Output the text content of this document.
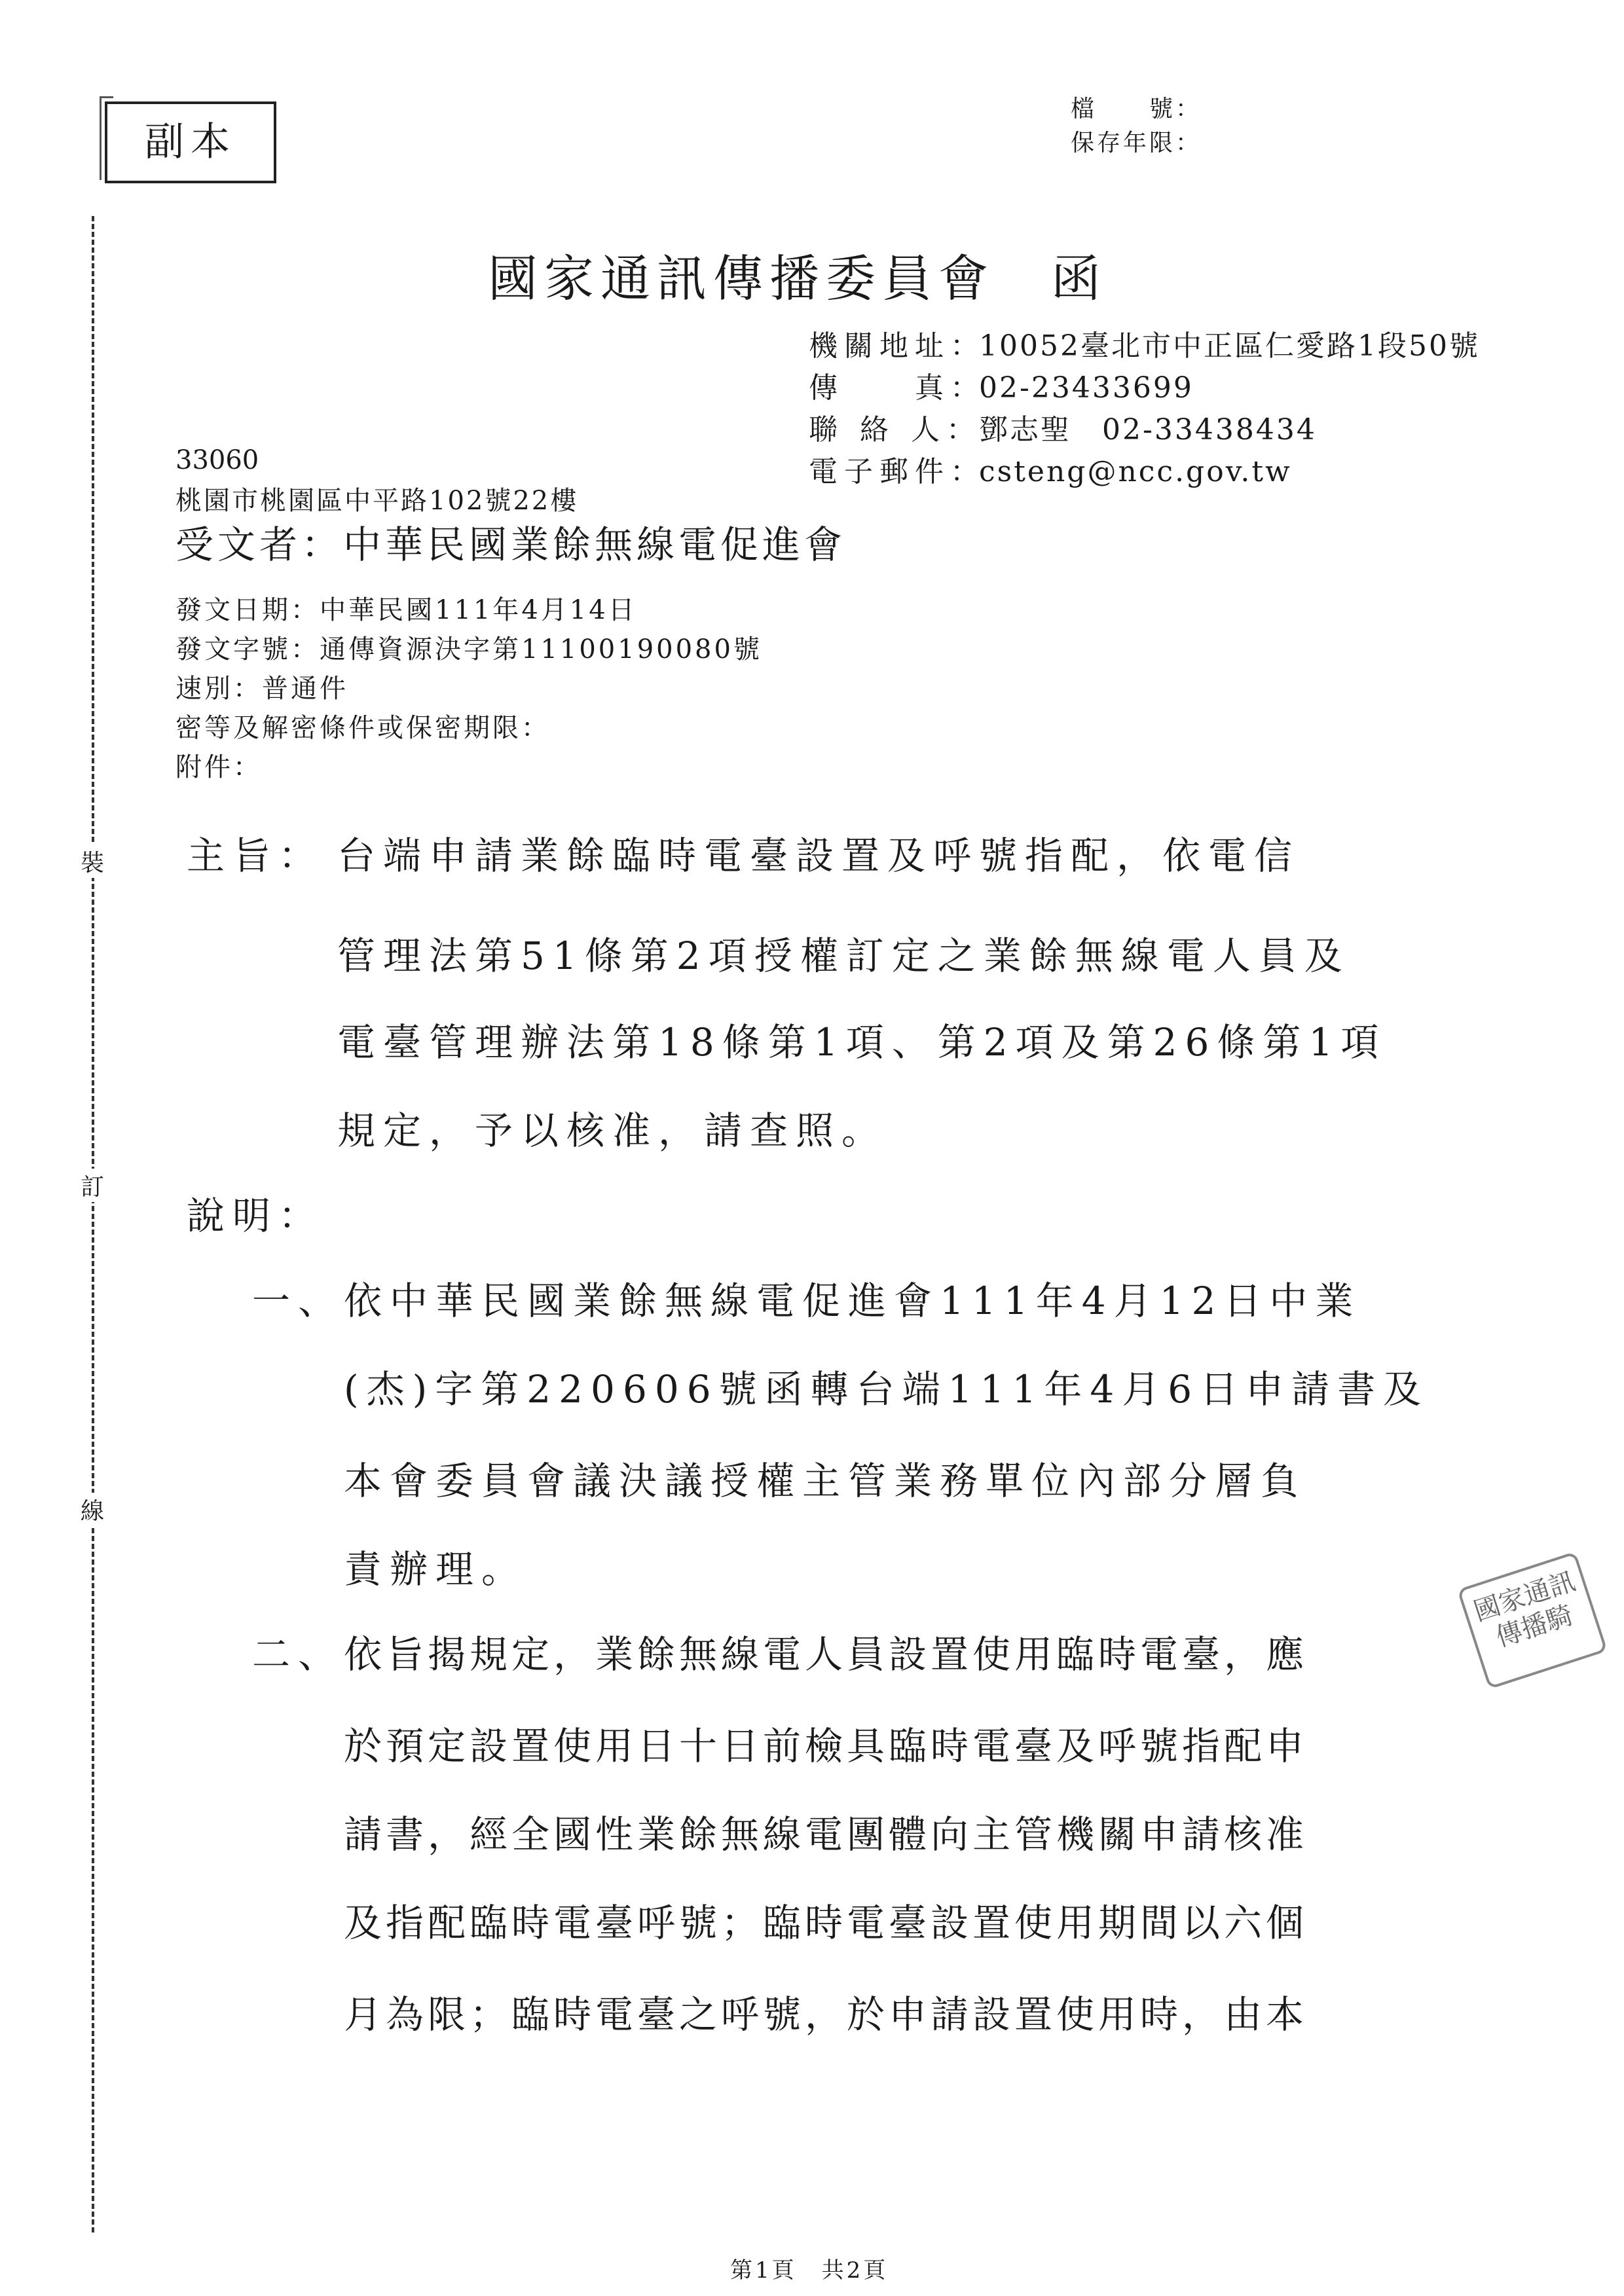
副本
檔　　號：
保存年限：
國家通訊傳播委員會　函
機關地址：10052臺北市中正區仁愛路1段50號
傳　　真：02-23433699
聯 絡 人：鄧志聖　02-33438434
電子郵件：csteng@ncc.gov.tw
33060
桃園市桃園區中平路102號22樓
受文者：中華民國業餘無線電促進會
發文日期：中華民國111年4月14日
發文字號：通傳資源決字第11100190080號
速別：普通件
密等及解密條件或保密期限：
附件：
主旨： 台端申請業餘臨時電臺設置及呼號指配，依電信
管理法第51條第2項授權訂定之業餘無線電人員及
電臺管理辦法第18條第1項、第2項及第26條第1項
規定，予以核准，請查照。
說明：
一、 依中華民國業餘無線電促進會111年4月12日中業
(杰)字第220606號函轉台端111年4月6日申請書及
本會委員會議決議授權主管業務單位內部分層負
責辦理。
二、 依旨揭規定，業餘無線電人員設置使用臨時電臺，應
於預定設置使用日十日前檢具臨時電臺及呼號指配申
請書，經全國性業餘無線電團體向主管機關申請核准
及指配臨時電臺呼號；臨時電臺設置使用期間以六個
月為限；臨時電臺之呼號，於申請設置使用時，由本
裝
訂
線
國家通訊傳播騎
第1頁　共2頁
